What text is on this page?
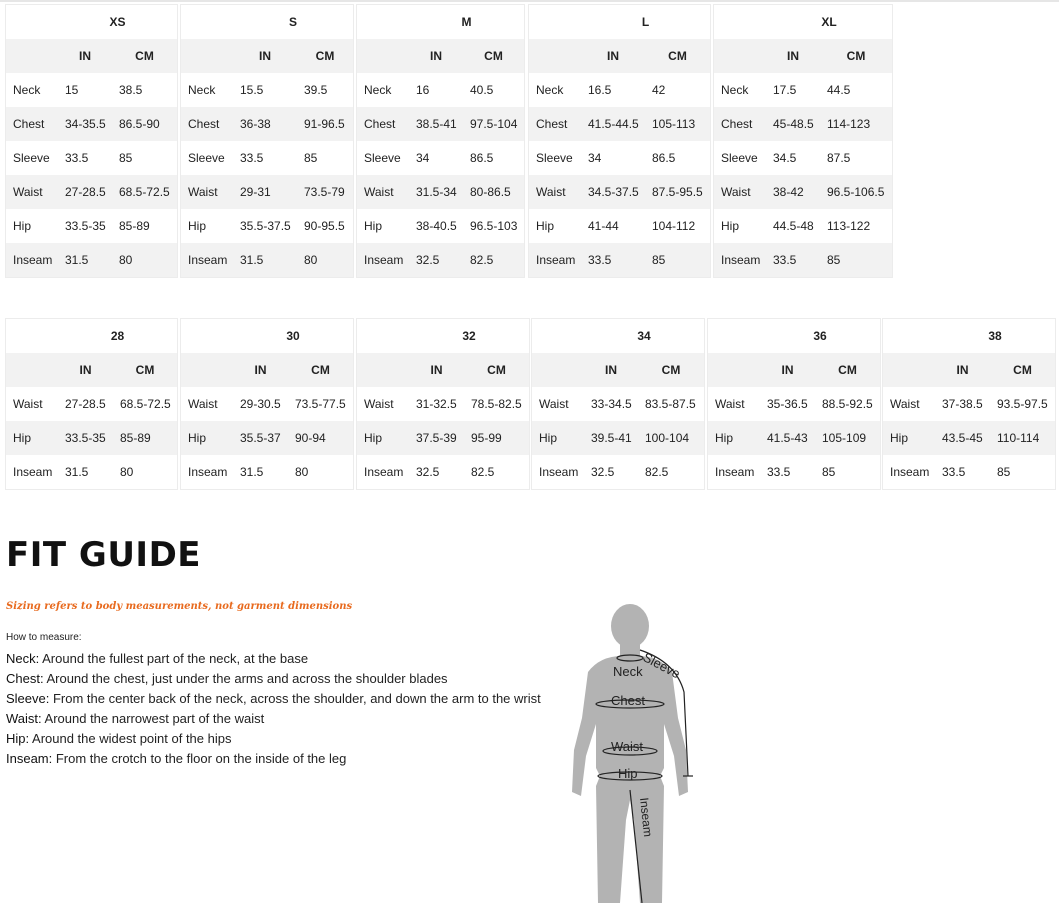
	XS	
	IN	CM
Neck	15	38.5
Chest	34-35.5	86.5-90
Sleeve	33.5	85
Waist	27-28.5	68.5-72.5
Hip	33.5-35	85-89
Inseam	31.5	80
	S	
	IN	CM
Neck	15.5	39.5
Chest	36-38	91-96.5
Sleeve	33.5	85
Waist	29-31	73.5-79
Hip	35.5-37.5	90-95.5
Inseam	31.5	80
	M	
	IN	CM
Neck	16	40.5
Chest	38.5-41	97.5-104
Sleeve	34	86.5
Waist	31.5-34	80-86.5
Hip	38-40.5	96.5-103
Inseam	32.5	82.5
	L	
	IN	CM
Neck	16.5	42
Chest	41.5-44.5	105-113
Sleeve	34	86.5
Waist	34.5-37.5	87.5-95.5
Hip	41-44	104-112
Inseam	33.5	85
	XL	
	IN	CM
Neck	17.5	44.5
Chest	45-48.5	114-123
Sleeve	34.5	87.5
Waist	38-42	96.5-106.5
Hip	44.5-48	113-122
Inseam	33.5	85
	28	
	IN	CM
Waist	27-28.5	68.5-72.5
Hip	33.5-35	85-89
Inseam	31.5	80
	30	
	IN	CM
Waist	29-30.5	73.5-77.5
Hip	35.5-37	90-94
Inseam	31.5	80
	32	
	IN	CM
Waist	31-32.5	78.5-82.5
Hip	37.5-39	95-99
Inseam	32.5	82.5
	34	
	IN	CM
Waist	33-34.5	83.5-87.5
Hip	39.5-41	100-104
Inseam	32.5	82.5
	36	
	IN	CM
Waist	35-36.5	88.5-92.5
Hip	41.5-43	105-109
Inseam	33.5	85
	38	
	IN	CM
Waist	37-38.5	93.5-97.5
Hip	43.5-45	110-114
Inseam	33.5	85
FIT GUIDE
Sizing refers to body measurements, not garment dimensions
How to measure:

Neck: Around the fullest part of the neck, at the base

Chest: Around the chest, just under the arms and across the shoulder blades

Sleeve: From the center back of the neck, across the shoulder, and down the arm to the wrist

Waist: Around the narrowest part of the waist

Hip: Around the widest point of the hips

Inseam: From the crotch to the floor on the inside of the leg

Sleeve
Neck
Chest
Waist
Hip
Inseam
